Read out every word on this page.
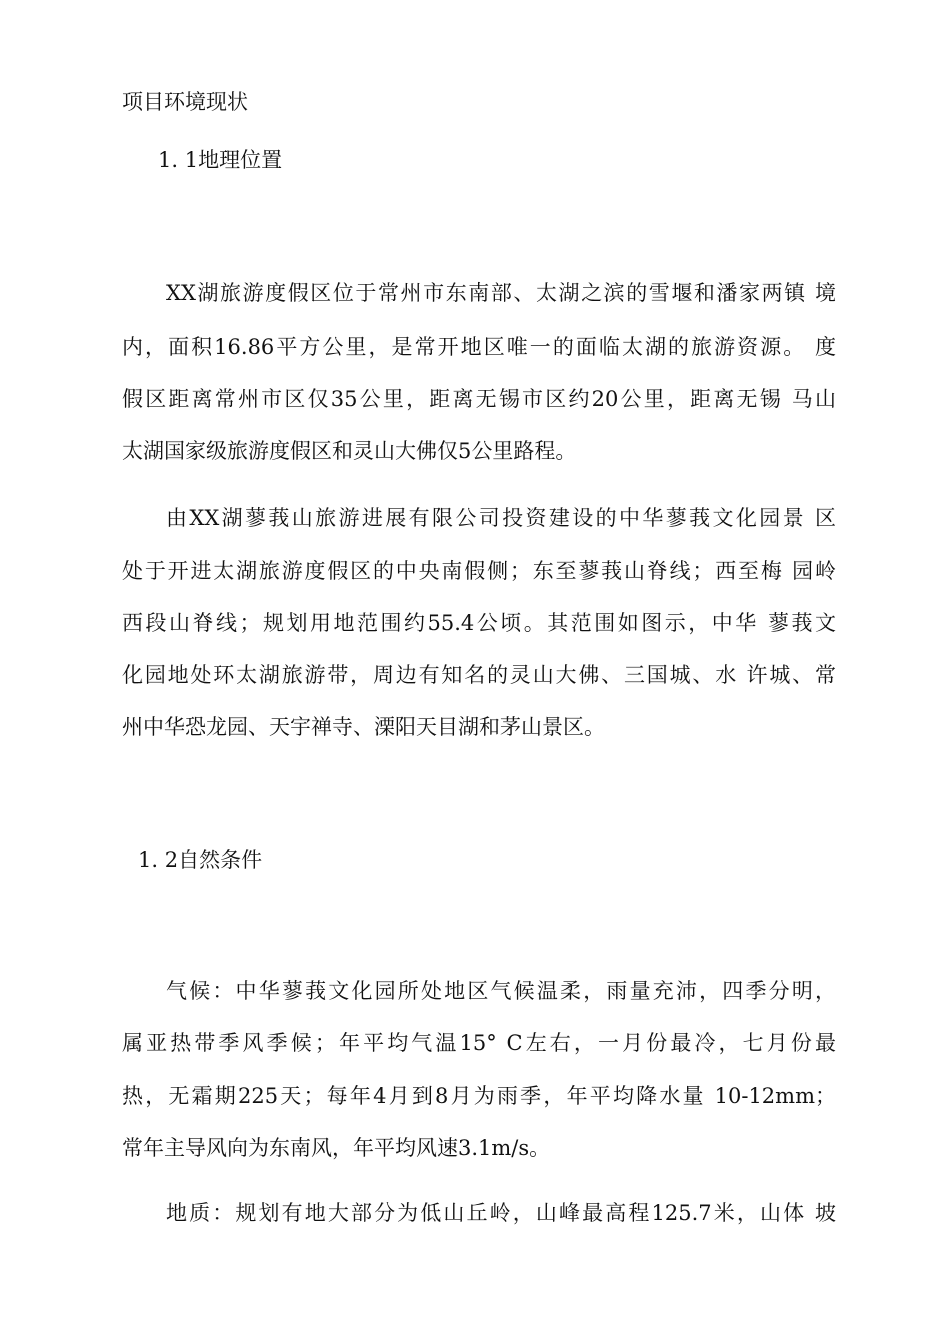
项目环境现状
1. 1地理位置
XX湖旅游度假区位于常州市东南部、太湖之滨的雪堰和潘家两镇 境
内，面积16.86平方公里，是常开地区唯一的面临太湖的旅游资源。 度
假区距离常州市区仅35公里，距离无锡市区约20公里，距离无锡 马山
太湖国家级旅游度假区和灵山大佛仅5公里路程。
由XX湖蓼莪山旅游进展有限公司投资建设的中华蓼莪文化园景 区
处于开进太湖旅游度假区的中央南假侧；东至蓼莪山脊线；西至梅 园岭
西段山脊线；规划用地范围约55.4公顷。其范围如图示，中华 蓼莪文
化园地处环太湖旅游带，周边有知名的灵山大佛、三国城、水 许城、常
州中华恐龙园、天宇禅寺、溧阳天目湖和茅山景区。
1. 2自然条件
气候：中华蓼莪文化园所处地区气候温柔，雨量充沛，四季分明，
属亚热带季风季候；年平均气温15° C左右，一月份最冷，七月份最
热，无霜期225天；每年4月到8月为雨季，年平均降水量 10-12mm；
常年主导风向为东南风，年平均风速3.1m/s。
地质：规划有地大部分为低山丘岭，山峰最高程125.7米，山体 坡
